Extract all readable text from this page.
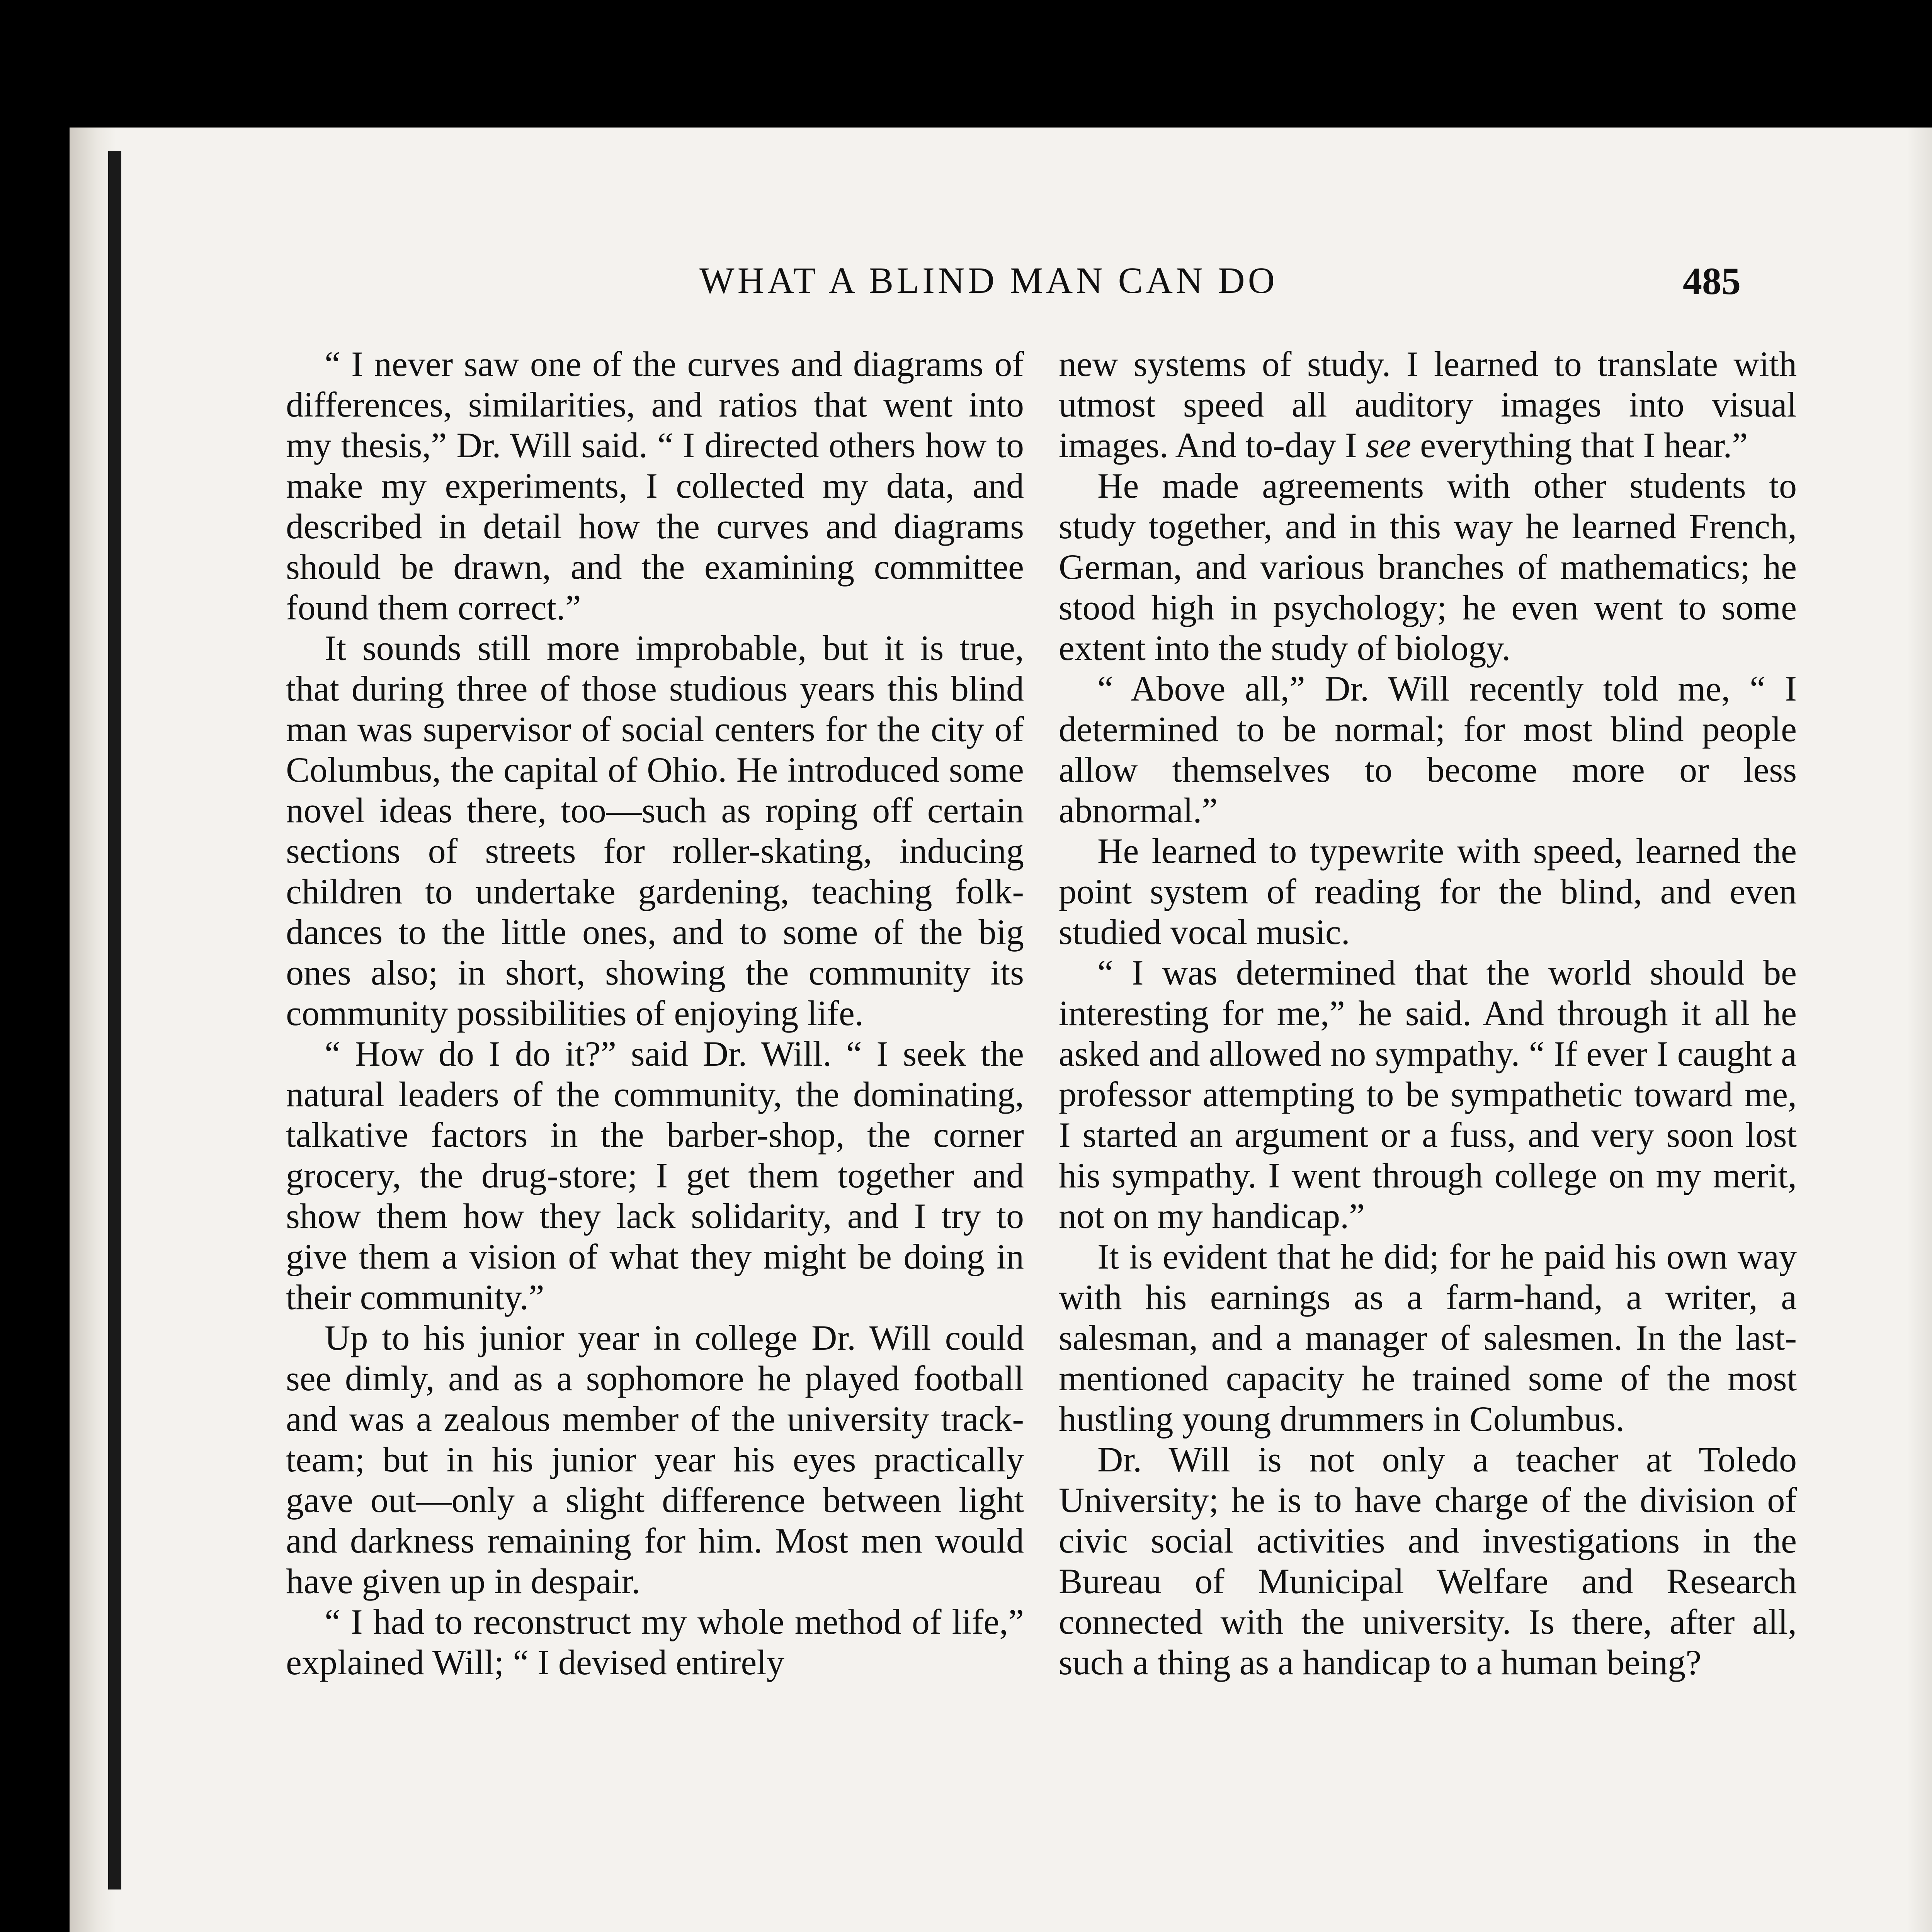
WHAT A BLIND MAN CAN DO	485

“ I never saw one of the curves and diagrams of differences, similarities, and ratios that went into my thesis,” Dr. Will said. “ I directed others how to make my experiments, I collected my data, and described in detail how the curves and diagrams should be drawn, and the examining committee found them correct.”

It sounds still more improbable, but it is true, that during three of those studious years this blind man was supervisor of social centers for the city of Columbus, the capital of Ohio. He introduced some novel ideas there, too—such as roping off certain sections of streets for roller-skating, inducing children to undertake gardening, teaching folk-dances to the little ones, and to some of the big ones also; in short, showing the community its community possibilities of enjoying life.

“ How do I do it?” said Dr. Will. “ I seek the natural leaders of the community, the dominating, talkative factors in the barber-shop, the corner grocery, the drug-store; I get them together and show them how they lack solidarity, and I try to give them a vision of what they might be doing in their community.”

Up to his junior year in college Dr. Will could see dimly, and as a sophomore he played football and was a zealous member of the university track-team; but in his junior year his eyes practically gave out—only a slight difference between light and darkness remaining for him. Most men would have given up in despair.

“ I had to reconstruct my whole method of life,” explained Will; “ I devised entirely

new systems of study. I learned to translate with utmost speed all auditory images into visual images. And to-day I see everything that I hear.”

He made agreements with other students to study together, and in this way he learned French, German, and various branches of mathematics; he stood high in psychology; he even went to some extent into the study of biology.

“ Above all,” Dr. Will recently told me, “ I determined to be normal; for most blind people allow themselves to become more or less abnormal.”

He learned to typewrite with speed, learned the point system of reading for the blind, and even studied vocal music.

“ I was determined that the world should be interesting for me,” he said. And through it all he asked and allowed no sympathy. “ If ever I caught a professor attempting to be sympathetic toward me, I started an argument or a fuss, and very soon lost his sympathy. I went through college on my merit, not on my handicap.”

It is evident that he did; for he paid his own way with his earnings as a farm-hand, a writer, a salesman, and a manager of salesmen. In the last-mentioned capacity he trained some of the most hustling young drummers in Columbus.

Dr. Will is not only a teacher at Toledo University; he is to have charge of the division of civic social activities and investigations in the Bureau of Municipal Welfare and Research connected with the university. Is there, after all, such a thing as a handicap to a human being?
